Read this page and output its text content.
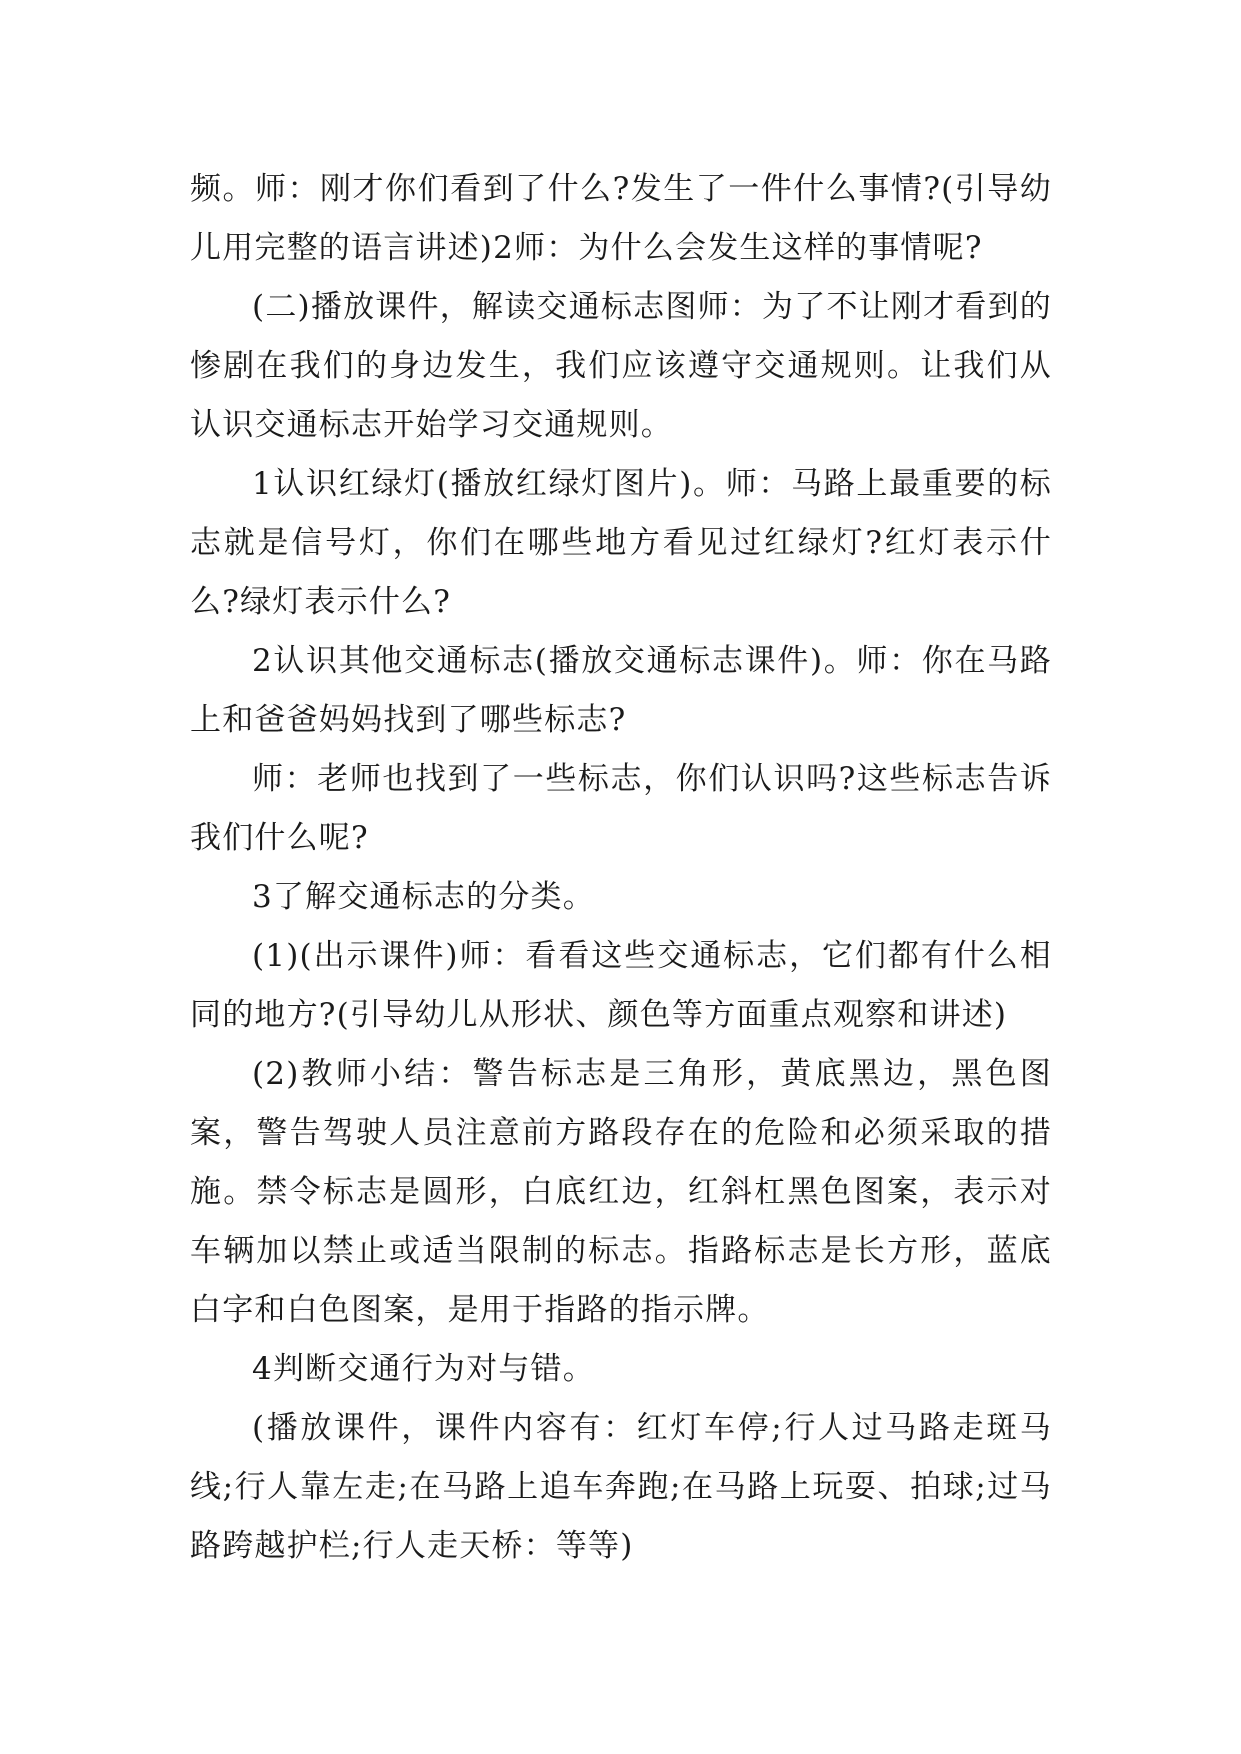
频。师：刚才你们看到了什么?发生了一件什么事情?(引导幼儿用完整的语言讲述)2师：为什么会发生这样的事情呢?

(二)播放课件，解读交通标志图师：为了不让刚才看到的惨剧在我们的身边发生，我们应该遵守交通规则。让我们从认识交通标志开始学习交通规则。

1认识红绿灯(播放红绿灯图片)。师：马路上最重要的标志就是信号灯，你们在哪些地方看见过红绿灯?红灯表示什么?绿灯表示什么?

2认识其他交通标志(播放交通标志课件)。师：你在马路上和爸爸妈妈找到了哪些标志?

师：老师也找到了一些标志，你们认识吗?这些标志告诉我们什么呢?

3了解交通标志的分类。

(1)(出示课件)师：看看这些交通标志，它们都有什么相同的地方?(引导幼儿从形状、颜色等方面重点观察和讲述)

(2)教师小结：警告标志是三角形，黄底黑边，黑色图案，警告驾驶人员注意前方路段存在的危险和必须采取的措施。禁令标志是圆形，白底红边，红斜杠黑色图案，表示对车辆加以禁止或适当限制的标志。指路标志是长方形，蓝底白字和白色图案，是用于指路的指示牌。

4判断交通行为对与错。

(播放课件，课件内容有：红灯车停;行人过马路走斑马线;行人靠左走;在马路上追车奔跑;在马路上玩耍、拍球;过马路跨越护栏;行人走天桥：等等)
